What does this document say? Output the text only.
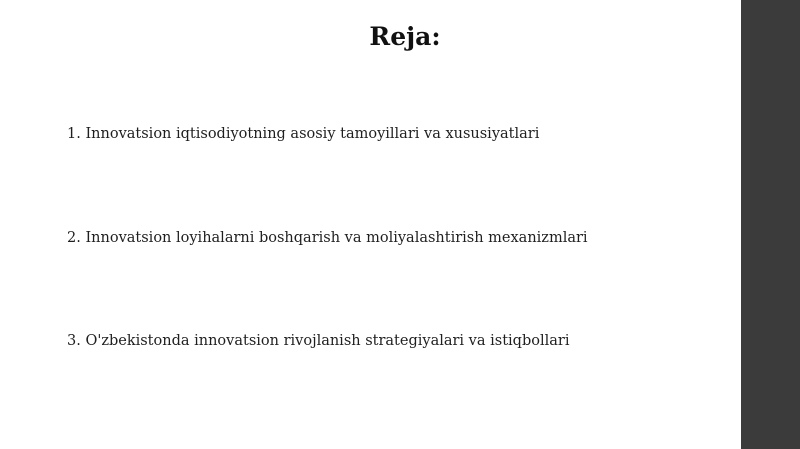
Reja:
1. Innovatsion iqtisodiyotning asosiy tamoyillari va xususiyatlari
2. Innovatsion loyihalarni boshqarish va moliyalashtirish mexanizmlari
3. O'zbekistonda innovatsion rivojlanish strategiyalari va istiqbollari
